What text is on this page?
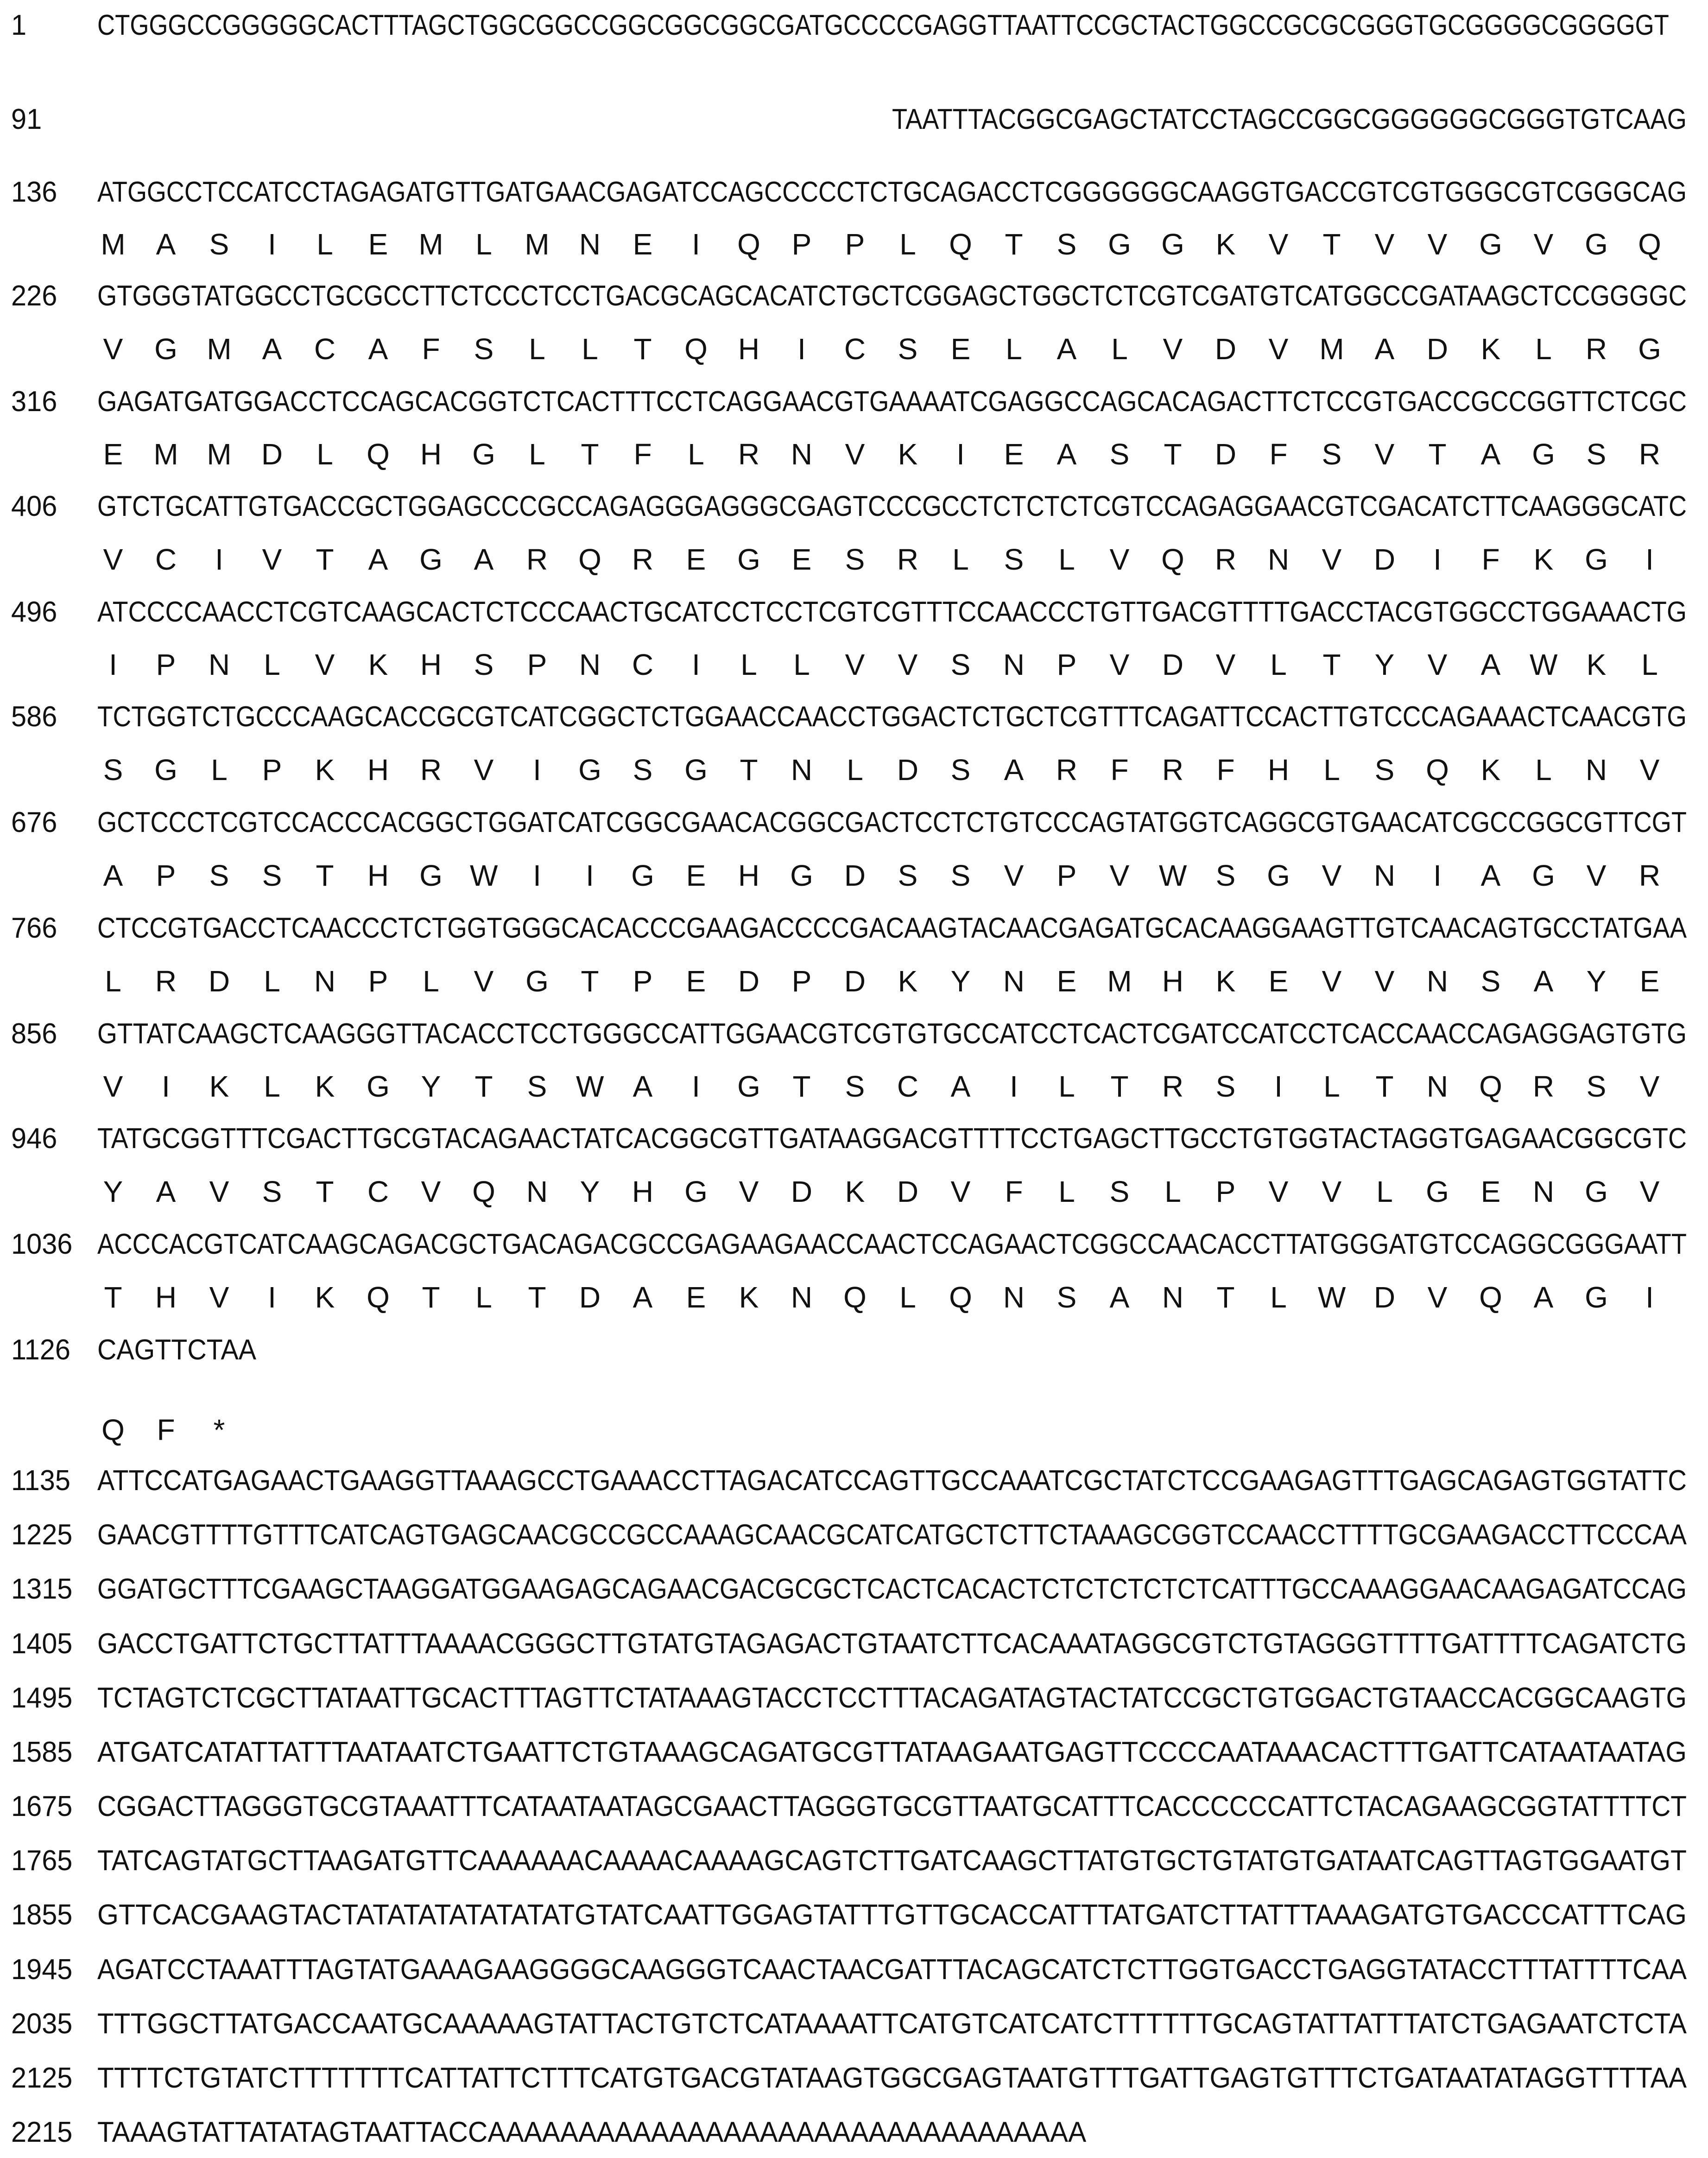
1 CTGGGCCGGGGGCACTTTAGCTGGCGGCCGGCGGCGGCGATGCCCCGAGGTTAATTCCGCTACTGGCCGCGCGGGTGCGGGGCGGGGGT
91	TAATTTACGGCGAGCTATCCTAGCCGGCGGGGGGCGGGTGTCAAG
136 ATGGCCTCCATCCTAGAGATGTTGATGAACGAGATCCAGCCCCCTCTGCAGACCTCGGGGGGCAAGGTGACCGTCGTGGGCGTCGGGCAG
226 GTGGGTATGGCCTGCGCCTTCTCCCTCCTGACGCAGCACATCTGCTCGGAGCTGGCTCTCGTCGATGTCATGGCCGATAAGCTCCGGGGC
316 GAGATGATGGACCTCCAGCACGGTCTCACTTTCCTCAGGAACGTGAAAATCGAGGCCAGCACAGACTTCTCCGTGACCGCCGGTTCTCGC
406 GTCTGCATTGTGACCGCTGGAGCCCGCCAGAGGGAGGGCGAGTCCCGCCTCTCTCTCGTCCAGAGGAACGTCGACATCTTCAAGGGCATC
496 ATCCCCAACCTCGTCAAGCACTCTCCCAACTGCATCCTCCTCGTCGTTTCCAACCCTGTTGACGTTTTGACCTACGTGGCCTGGAAACTG
586 TCTGGTCTGCCCAAGCACCGCGTCATCGGCTCTGGAACCAACCTGGACTCTGCTCGTTTCAGATTCCACTTGTCCCAGAAACTCAACGTG
676 GCTCCCTCGTCCACCCACGGCTGGATCATCGGCGAACACGGCGACTCCTCTGTCCCAGTATGGTCAGGCGTGAACATCGCCGGCGTTCGT
766 CTCCGTGACCTCAACCCTCTGGTGGGCACACCCGAAGACCCCGACAAGTACAACGAGATGCACAAGGAAGTTGTCAACAGTGCCTATGAA
856 GTTATCAAGCTCAAGGGTTACACCTCCTGGGCCATTGGAACGTCGTGTGCCATCCTCACTCGATCCATCCTCACCAACCAGAGGAGTGTG
946 TATGCGGTTTCGACTTGCGTACAGAACTATCACGGCGTTGATAAGGACGTTTTCCTGAGCTTGCCTGTGGTACTAGGTGAGAACGGCGTC
1036 ACCCACGTCATCAAGCAGACGCTGACAGACGCCGAGAAGAACCAACTCCAGAACTCGGCCAACACCTTATGGGATGTCCAGGCGGGAATT
1126 CAGTTCTAA
1135 ATTCCATGAGAACTGAAGGTTAAAGCCTGAAACCTTAGACATCCAGTTGCCAAATCGCTATCTCCGAAGAGTTTGAGCAGAGTGGTATTC
1225 GAACGTTTTGTTTCATCAGTGAGCAACGCCGCCAAAGCAACGCATCATGCTCTTCTAAAGCGGTCCAACCTTTTGCGAAGACCTTCCCAA
1315 GGATGCTTTCGAAGCTAAGGATGGAAGAGCAGAACGACGCGCTCACTCACACTCTCTCTCTCTCATTTGCCAAAGGAACAAGAGATCCAG
1405 GACCTGATTCTGCTTATTTAAAACGGGCTTGTATGTAGAGACTGTAATCTTCACAAATAGGCGTCTGTAGGGTTTTGATTTTCAGATCTG
1495 TCTAGTCTCGCTTATAATTGCACTTTAGTTCTATAAAGTACCTCCTTTACAGATAGTACTATCCGCTGTGGACTGTAACCACGGCAAGTG
1585 ATGATCATATTATTTAATAATCTGAATTCTGTAAAGCAGATGCGTTATAAGAATGAGTTCCCCAATAAACACTTTGATTCATAATAATAG
1675 CGGACTTAGGGTGCGTAAATTTCATAATAATAGCGAACTTAGGGTGCGTTAATGCATTTCACCCCCCATTCTACAGAAGCGGTATTTTCT
1765 TATCAGTATGCTTAAGATGTTCAAAAAACAAAACAAAAGCAGTCTTGATCAAGCTTATGTGCTGTATGTGATAATCAGTTAGTGGAATGT
1855 GTTCACGAAGTACTATATATATATATATGTATCAATTGGAGTATTTGTTGCACCATTTATGATCTTATTTAAAGATGTGACCCATTTCAG
1945 AGATCCTAAATTTAGTATGAAAGAAGGGGCAAGGGTCAACTAACGATTTACAGCATCTCTTGGTGACCTGAGGTATACCTTTATTTTCAA
2035 TTTGGCTTATGACCAATGCAAAAAGTATTACTGTCTCATAAAATTCATGTCATCATCTTTTTTGCAGTATTATTTATCTGAGAATCTCTA
2125 TTTTCTGTATCTTTTTTTCATTATTCTTTCATGTGACGTATAAGTGGCGAGTAATGTTTGATTGAGTGTTTCTGATAATATAGGTTTTAA
2215 TAAAGTATTATATAGTAATTACCAAAAAAAAAAAAAAAAAAAAAAAAAAAAAAAAA
M A S	I	L E M L M N E	I	Q P P L Q T S G G K V T V V G V G Q
V G M A C A F S L L T Q H	I	C S E L A L V D V M A D K L R G
E M M D L Q H G L T F L R N V K	I	E A S T D F S V T A G S R
V C	I	V T A G A R Q R E G E S R L S L V Q R N V D	I	F K G	I
I	P N L V K H S P N C	I	L L V V S N P V D V L T Y V A W K L
S G L P K H R V	I	G S G T N L D S A R F R F H L S Q K L N V
A P S S T H G W	I	I	G E H G D S S V P V W S G V N	I	A G V R
L R D L N P L V G T P E D P D K Y N E M H K E V V N S A Y E
V	I	K L K G Y T S W A	I	G T S C A	I	L T R S	I	L T N Q R S V
Y A V S T C V Q N Y H G V D K D V F L S L P V V L G E N G V
T H V	I	K Q T L T D A E K N Q L Q N S A N T L W D V Q A G	I
Q F *
